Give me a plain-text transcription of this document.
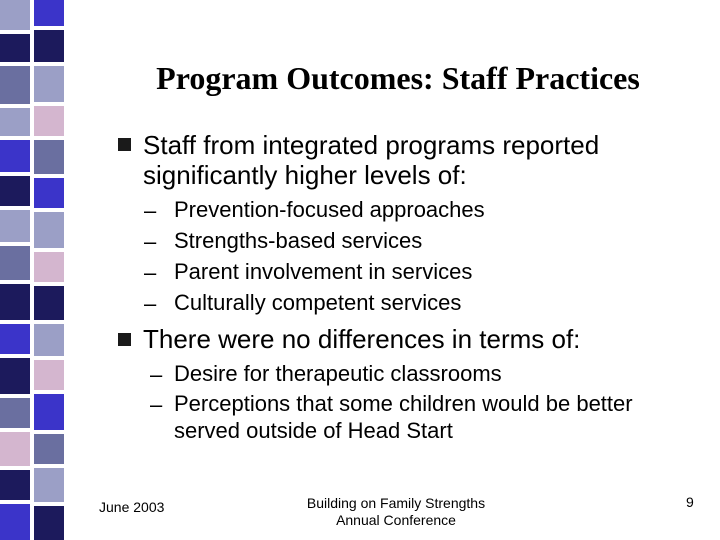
Program Outcomes: Staff Practices
Staff from integrated programs reported
significantly higher levels of:
– Prevention-focused approaches
– Strengths-based services
– Parent involvement in services
– Culturally competent services
There were no differences in terms of:
– Desire for therapeutic classrooms
– Perceptions that some children would be better
served outside of Head Start
June 2003	Building on Family Strengths
Annual Conference
9
